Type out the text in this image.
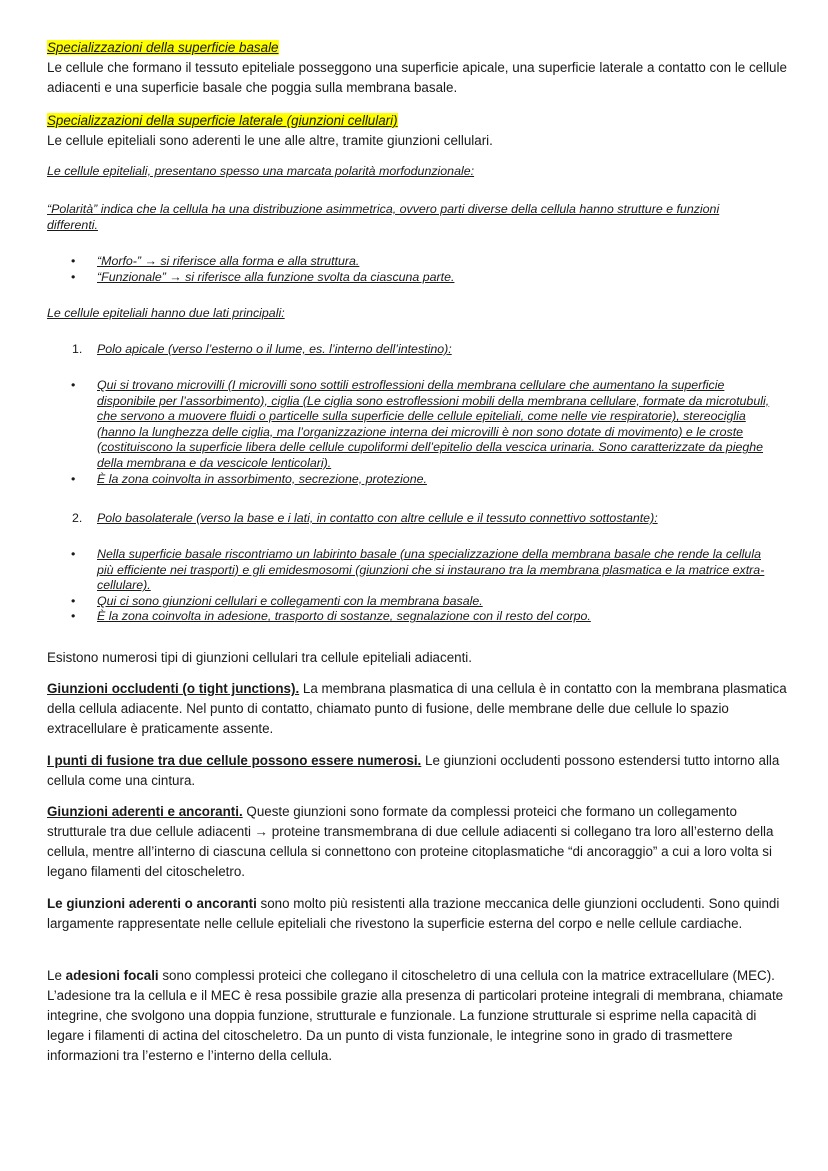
Specializzazioni della superficie basale

Le cellule che formano il tessuto epiteliale posseggono una superficie apicale, una superficie laterale a contatto con le cellule adiacenti e una superficie basale che poggia sulla membrana basale.

Specializzazioni della superficie laterale (giunzioni cellulari)

Le cellule epiteliali sono aderenti le une alle altre, tramite giunzioni cellulari.

Le cellule epiteliali, presentano spesso una marcata polarità morfodunzionale:

“Polarità” indica che la cellula ha una distribuzione asimmetrica, ovvero parti diverse della cellula hanno strutture e funzioni differenti.

• “Morfo-” → si riferisce alla forma e alla struttura.
• “Funzionale” → si riferisce alla funzione svolta da ciascuna parte.

Le cellule epiteliali hanno due lati principali:

1. Polo apicale (verso l’esterno o il lume, es. l’interno dell’intestino):
• Qui si trovano microvilli (I microvilli sono sottili estroflessioni della membrana cellulare che aumentano la superficie disponibile per l’assorbimento), ciglia (Le ciglia sono estroflessioni mobili della membrana cellulare, formate da microtubuli, che servono a muovere fluidi o particelle sulla superficie delle cellule epiteliali, come nelle vie respiratorie), stereociglia (hanno la lunghezza delle ciglia, ma l’organizzazione interna dei microvilli è non sono dotate di movimento) e le croste (costituiscono la superficie libera delle cellule cupoliformi dell’epitelio della vescica urinaria. Sono caratterizzate da pieghe della membrana e da vescicole lenticolari).
• È la zona coinvolta in assorbimento, secrezione, protezione.
2. Polo basolaterale (verso la base e i lati, in contatto con altre cellule e il tessuto connettivo sottostante):
• Nella superficie basale riscontriamo un labirinto basale (una specializzazione della membrana basale che rende la cellula più efficiente nei trasporti) e gli emidesmosomi (giunzioni che si instaurano tra la membrana plasmatica e la matrice extra-cellulare).
• Qui ci sono giunzioni cellulari e collegamenti con la membrana basale.
• È la zona coinvolta in adesione, trasporto di sostanze, segnalazione con il resto del corpo.

Esistono numerosi tipi di giunzioni cellulari tra cellule epiteliali adiacenti.

Giunzioni occludenti (o tight junctions). La membrana plasmatica di una cellula è in contatto con la membrana plasmatica della cellula adiacente. Nel punto di contatto, chiamato punto di fusione, delle membrane delle due cellule lo spazio extracellulare è praticamente assente.

I punti di fusione tra due cellule possono essere numerosi. Le giunzioni occludenti possono estendersi tutto intorno alla cellula come una cintura.

Giunzioni aderenti e ancoranti. Queste giunzioni sono formate da complessi proteici che formano un collegamento strutturale tra due cellule adiacenti → proteine transmembrana di due cellule adiacenti si collegano tra loro all’esterno della cellula, mentre all’interno di ciascuna cellula si connettono con proteine citoplasmatiche “di ancoraggio” a cui a loro volta si legano filamenti del citoscheletro.

Le giunzioni aderenti o ancoranti sono molto più resistenti alla trazione meccanica delle giunzioni occludenti. Sono quindi largamente rappresentate nelle cellule epiteliali che rivestono la superficie esterna del corpo e nelle cellule cardiache.

Le adesioni focali sono complessi proteici che collegano il citoscheletro di una cellula con la matrice extracellulare (MEC). L’adesione tra la cellula e il MEC è resa possibile grazie alla presenza di particolari proteine integrali di membrana, chiamate integrine, che svolgono una doppia funzione, strutturale e funzionale. La funzione strutturale si esprime nella capacità di legare i filamenti di actina del citoscheletro. Da un punto di vista funzionale, le integrine sono in grado di trasmettere informazioni tra l’esterno e l’interno della cellula.
